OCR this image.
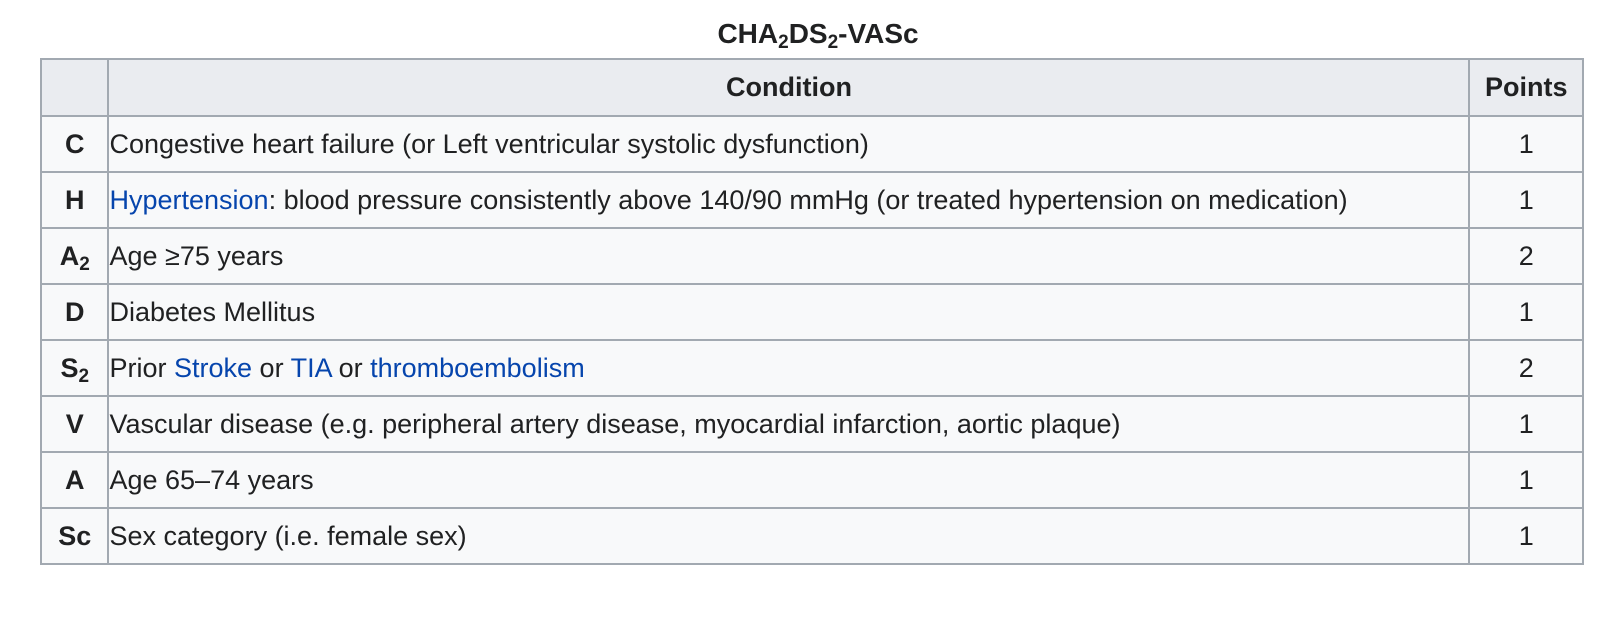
$CHA_2DS_2$-VASc
	Condition	Points
C	Congestive heart failure (or Left ventricular systolic dysfunction)	1
H	Hypertension: blood pressure consistently above 140/90 mmHg (or treated hypertension on medication)	1
$A_2$	Age ≥75 years	2
D	Diabetes Mellitus	1
$S_2$	Prior Stroke or TIA or thromboembolism	2
V	Vascular disease (e.g. peripheral artery disease, myocardial infarction, aortic plaque)	1
A	Age 65–74 years	1
Sc	Sex category (i.e. female sex)	1
